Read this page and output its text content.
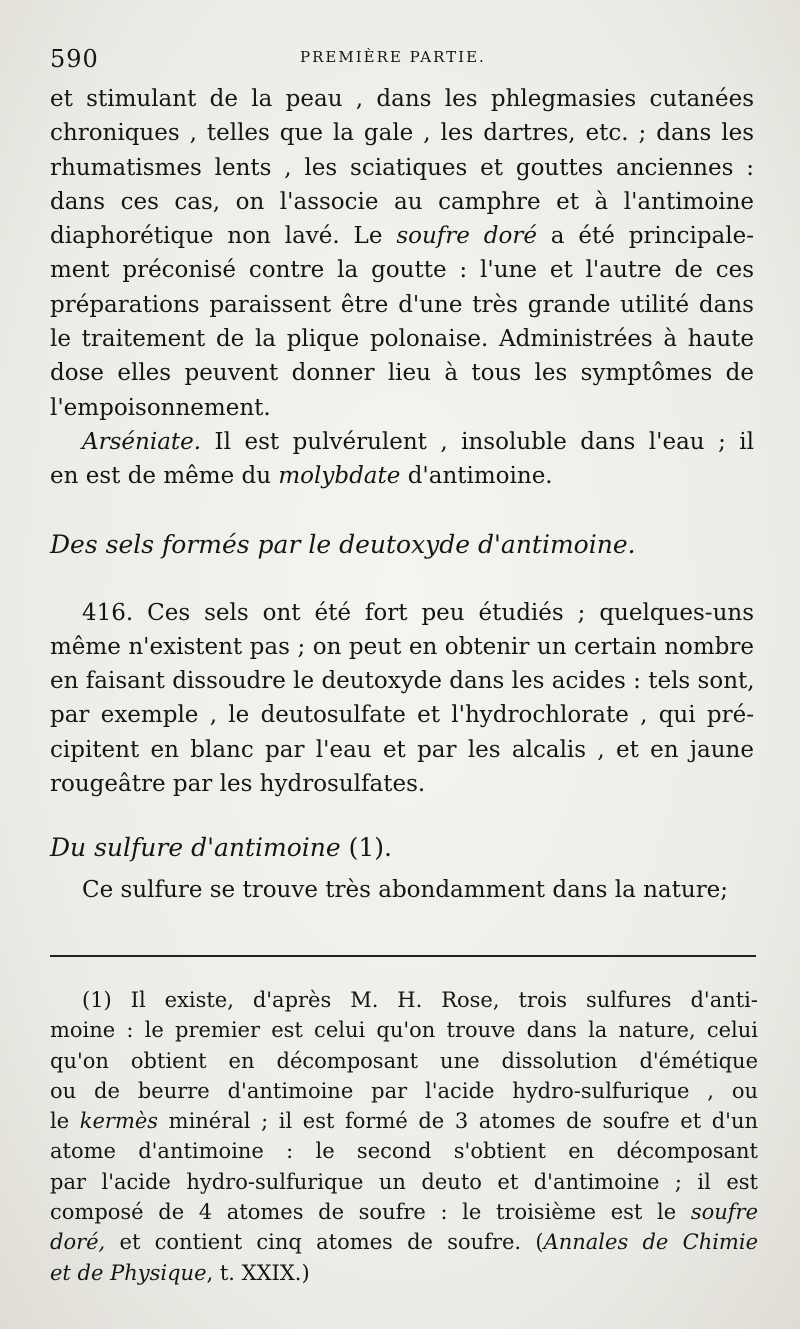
590	PREMIÈRE PARTIE.

et stimulant de la peau , dans les phlegmasies cutanées
chroniques , telles que la gale , les dartres, etc. ; dans les
rhumatismes lents , les sciatiques et gouttes anciennes :
dans ces cas, on l'associe au camphre et à l'antimoine
diaphorétique non lavé. Le soufre doré a été principale-
ment préconisé contre la goutte : l'une et l'autre de ces
préparations paraissent être d'une très grande utilité dans
le traitement de la plique polonaise. Administrées à haute
dose elles peuvent donner lieu à tous les symptômes de
l'empoisonnement.

Arséniate. Il est pulvérulent , insoluble dans l'eau ; il
en est de même du molybdate d'antimoine.

Des sels formés par le deutoxyde d'antimoine.

416. Ces sels ont été fort peu étudiés ; quelques-uns
même n'existent pas ; on peut en obtenir un certain nombre
en faisant dissoudre le deutoxyde dans les acides : tels sont,
par exemple , le deutosulfate et l'hydrochlorate , qui pré-
cipitent en blanc par l'eau et par les alcalis , et en jaune
rougeâtre par les hydrosulfates.

Du sulfure d'antimoine (1).

Ce sulfure se trouve très abondamment dans la nature;

(1) Il existe, d'après M. H. Rose, trois sulfures d'anti-
moine : le premier est celui qu'on trouve dans la nature, celui
qu'on obtient en décomposant une dissolution d'émétique
ou de beurre d'antimoine par l'acide hydro-sulfurique , ou
le kermès minéral ; il est formé de 3 atomes de soufre et d'un
atome d'antimoine : le second s'obtient en décomposant
par l'acide hydro-sulfurique un deuto et d'antimoine ; il est
composé de 4 atomes de soufre : le troisième est le soufre
doré, et contient cinq atomes de soufre. (Annales de Chimie
et de Physique, t. XXIX.)
